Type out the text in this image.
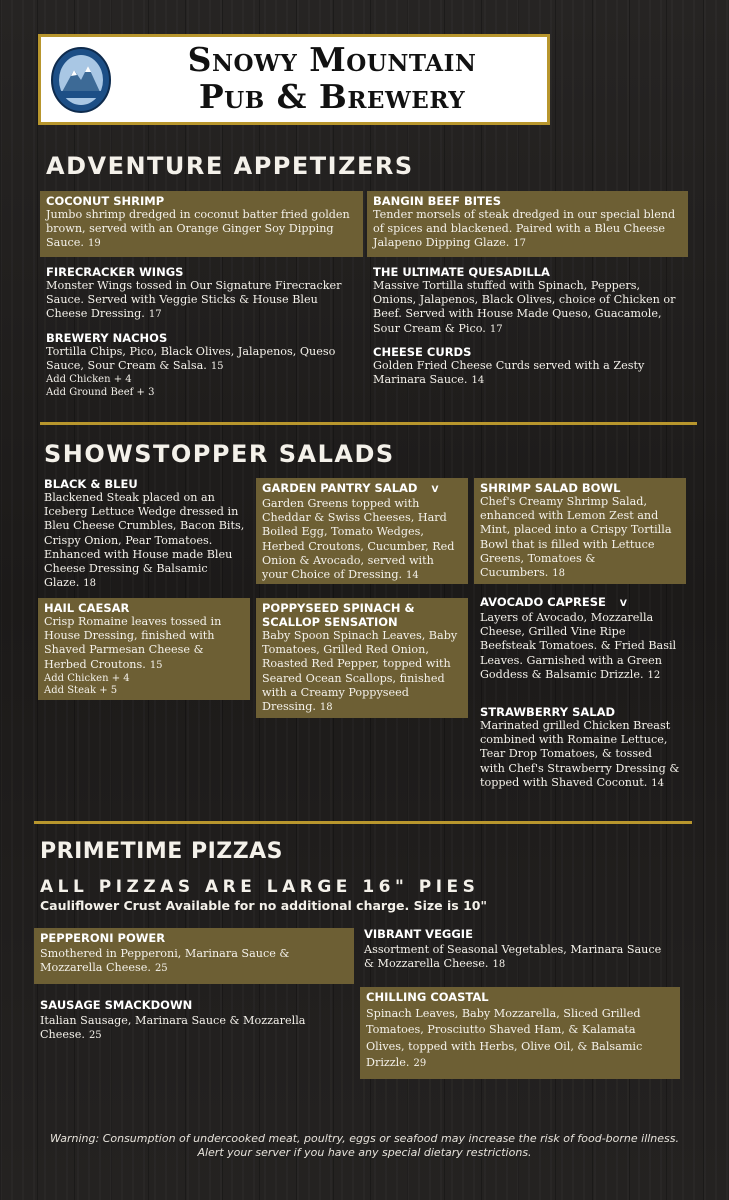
Snowy Mountain
Pub & Brewery
ADVENTURE APPETIZERS
COCONUT SHRIMP
Jumbo shrimp dredged in coconut batter fried golden brown, served with an Orange Ginger Soy Dipping Sauce. 19
BANGIN BEEF BITES
Tender morsels of steak dredged in our special blend of spices and blackened. Paired with a Bleu Cheese Jalapeno Dipping Glaze. 17
FIRECRACKER WINGS
Monster Wings tossed in Our Signature Firecracker Sauce. Served with Veggie Sticks & House Bleu Cheese Dressing. 17
THE ULTIMATE QUESADILLA
Massive Tortilla stuffed with Spinach, Peppers, Onions, Jalapenos, Black Olives, choice of Chicken or Beef. Served with House Made Queso, Guacamole, Sour Cream & Pico. 17
BREWERY NACHOS
Tortilla Chips, Pico, Black Olives, Jalapenos, Queso Sauce, Sour Cream & Salsa. 15
Add Chicken + 4
Add Ground Beef + 3
CHEESE CURDS
Golden Fried Cheese Curds served with a Zesty Marinara Sauce. 14
SHOWSTOPPER SALADS
BLACK & BLEU
Blackened Steak placed on an Iceberg Lettuce Wedge dressed in Bleu Cheese Crumbles, Bacon Bits, Crispy Onion, Pear Tomatoes. Enhanced with House made Bleu Cheese Dressing & Balsamic Glaze. 18
GARDEN PANTRY SALAD V
Garden Greens topped with Cheddar & Swiss Cheeses, Hard Boiled Egg, Tomato Wedges, Herbed Croutons, Cucumber, Red Onion & Avocado, served with your Choice of Dressing. 14
SHRIMP SALAD BOWL
Chef's Creamy Shrimp Salad, enhanced with Lemon Zest and Mint, placed into a Crispy Tortilla Bowl that is filled with Lettuce Greens, Tomatoes & Cucumbers. 18
HAIL CAESAR
Crisp Romaine leaves tossed in House Dressing, finished with Shaved Parmesan Cheese & Herbed Croutons. 15
Add Chicken + 4
Add Steak + 5
POPPYSEED SPINACH & SCALLOP SENSATION
Baby Spoon Spinach Leaves, Baby Tomatoes, Grilled Red Onion, Roasted Red Pepper, topped with Seared Ocean Scallops, finished with a Creamy Poppyseed Dressing. 18
AVOCADO CAPRESE V
Layers of Avocado, Mozzarella Cheese, Grilled Vine Ripe Beefsteak Tomatoes. & Fried Basil Leaves. Garnished with a Green Goddess & Balsamic Drizzle. 12
STRAWBERRY SALAD
Marinated grilled Chicken Breast combined with Romaine Lettuce, Tear Drop Tomatoes, & tossed with Chef's Strawberry Dressing & topped with Shaved Coconut. 14
PRIMETIME PIZZAS
ALL PIZZAS ARE LARGE 16" PIES
Cauliflower Crust Available for no additional charge. Size is 10"
PEPPERONI POWER
Smothered in Pepperoni, Marinara Sauce & Mozzarella Cheese. 25
VIBRANT VEGGIE
Assortment of Seasonal Vegetables, Marinara Sauce & Mozzarella Cheese. 18
SAUSAGE SMACKDOWN
Italian Sausage, Marinara Sauce & Mozzarella Cheese. 25
CHILLING COASTAL
Spinach Leaves, Baby Mozzarella, Sliced Grilled Tomatoes, Prosciutto Shaved Ham, & Kalamata Olives, topped with Herbs, Olive Oil, & Balsamic Drizzle. 29
Warning: Consumption of undercooked meat, poultry, eggs or seafood may increase the risk of food-borne illness.
Alert your server if you have any special dietary restrictions.
